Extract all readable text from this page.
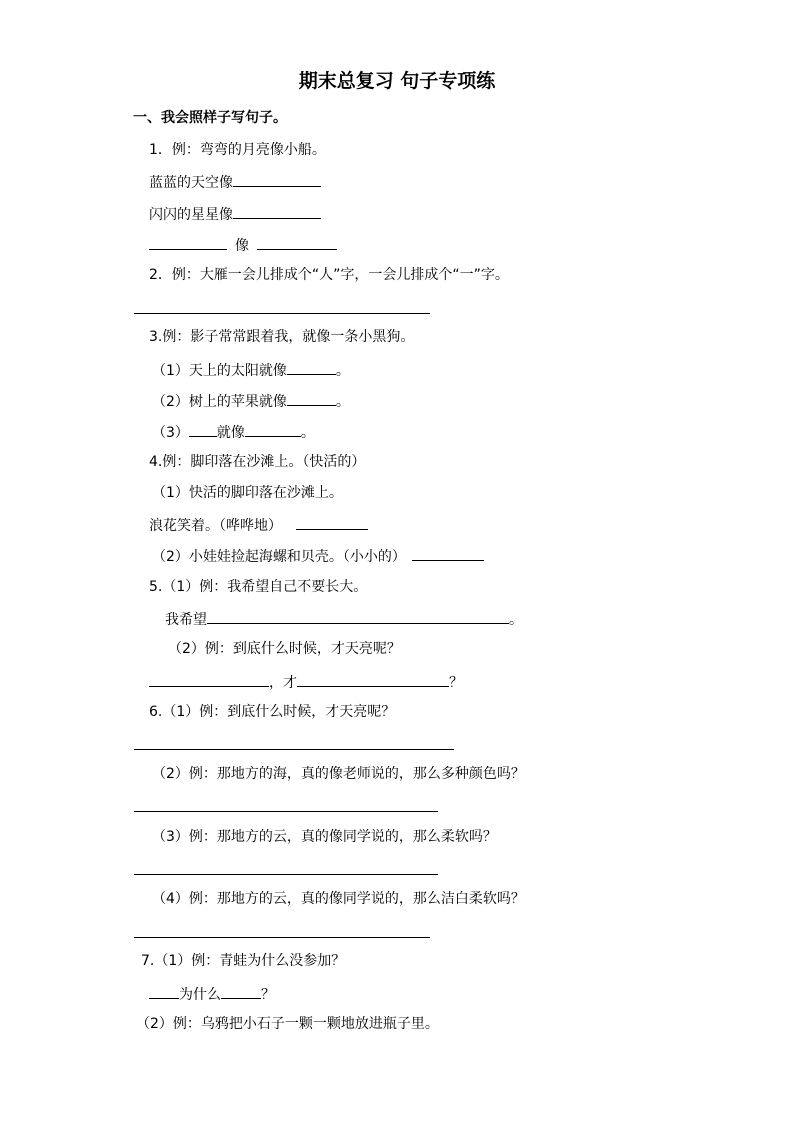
期末总复习 句子专项练
一、我会照样子写句子。
1．例：弯弯的月亮像小船。
蓝蓝的天空像
闪闪的星星像
像
2．例：大雁一会儿排成个“人”字，一会儿排成个“一”字。
3.例：影子常常跟着我，就像一条小黑狗。
（1）天上的太阳就像	。
（2）树上的苹果就像	。
（3） 就像	。
4.例：脚印落在沙滩上。（快活的）
（1）快活的脚印落在沙滩上。
浪花笑着。（哗哗地）
（2）小娃娃捡起海螺和贝壳。（小小的）
5.（1）例：我希望自己不要长大。
我希望	。
（2）例：到底什么时候，才天亮呢？
，才	？
6.（1）例：到底什么时候，才天亮呢？
（2）例：那地方的海，真的像老师说的，那么多种颜色吗？
（3）例：那地方的云，真的像同学说的，那么柔软吗？
（4）例：那地方的云，真的像同学说的，那么洁白柔软吗？
7.（1）例：青蛙为什么没参加？
为什么	？
（2）例：乌鸦把小石子一颗一颗地放进瓶子里。
